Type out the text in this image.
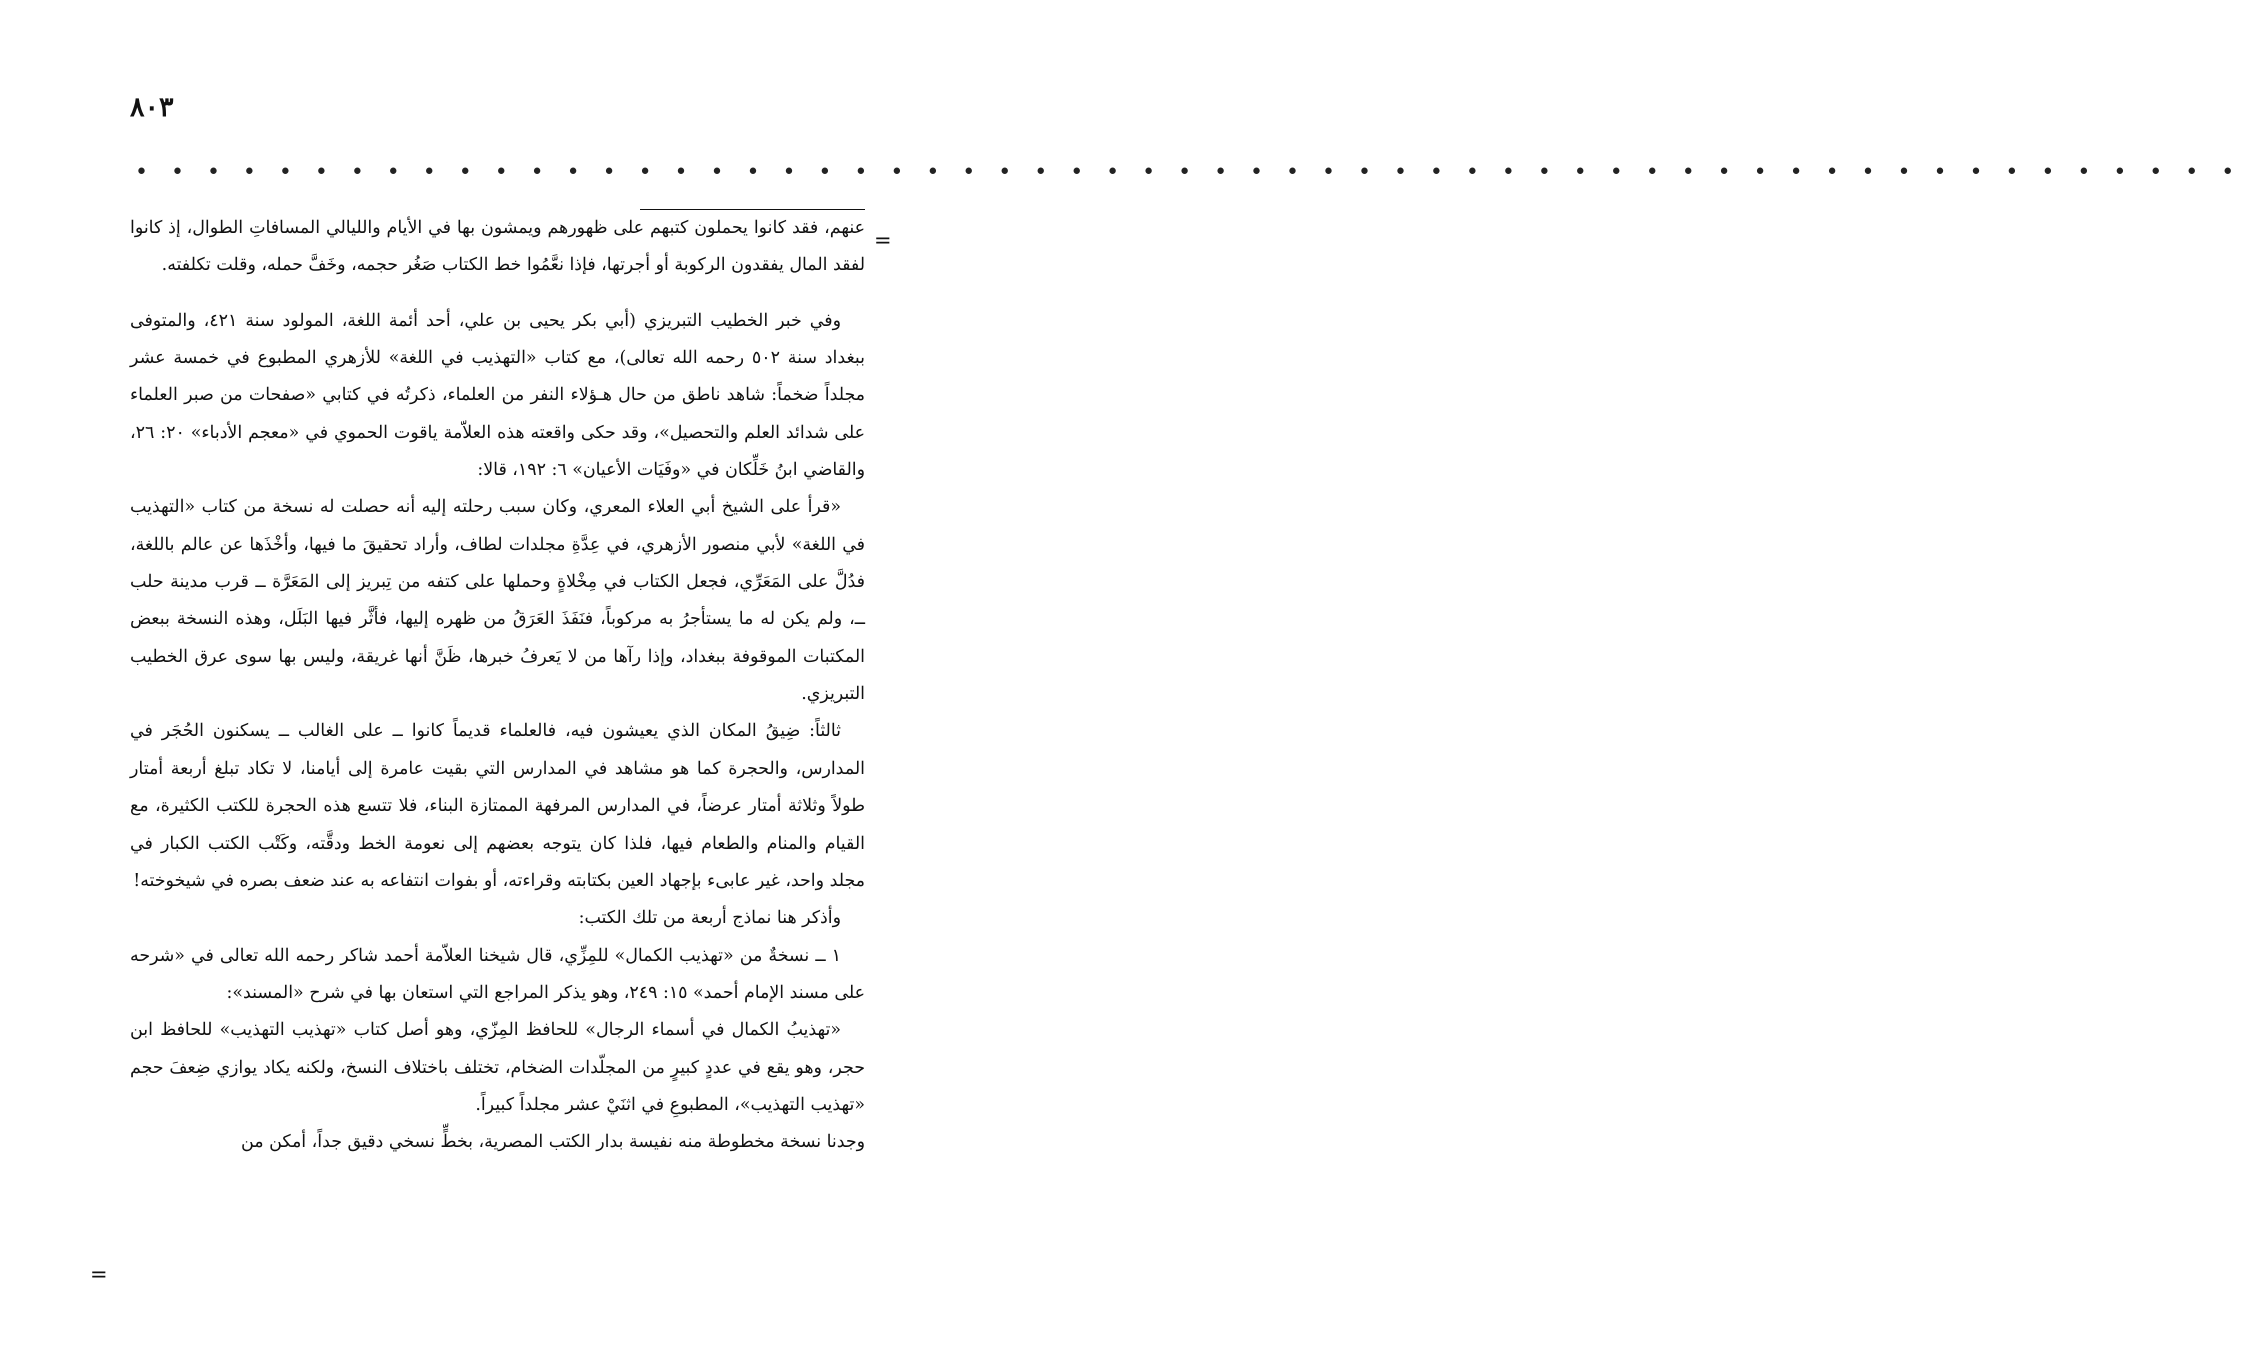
٨٠٣
• • • • • • • • • • • • • • • • • • • • • • • • • • • • • • • • • • • • • • • • • • • • • • • • • • • • • • • • • • •
=

عنهم، فقد كانوا يحملون كتبهم على ظهورهم ويمشون بها في الأيام والليالي المسافاتِ الطوال، إذ كانوا لفقد المال يفقدون الركوبة أو أجرتها، فإذا نعَّمُوا خط الكتاب صَغُر حجمه، وخَفَّ حمله، وقلت تكلفته.

وفي خبر الخطيب التبريزي (أبي بكر يحيى بن علي، أحد أئمة اللغة، المولود سنة ٤٢١، والمتوفى ببغداد سنة ٥٠٢ رحمه الله تعالى)، مع كتاب «التهذيب في اللغة» للأزهري المطبوع في خمسة عشر مجلداً ضخماً: شاهد ناطق من حال هـؤلاء النفر من العلماء، ذكرتُه في كتابي «صفحات من صبر العلماء على شدائد العلم والتحصيل»، وقد حكى واقعته هذه العلاّمة ياقوت الحموي في «معجم الأدباء» ٢٠: ٢٦، والقاضي ابنُ خَلِّكان في «وفَيَات الأعيان» ٦: ١٩٢، قالا:

«قرأ على الشيخ أبي العلاء المعري، وكان سبب رحلته إليه أنه حصلت له نسخة من كتاب «التهذيب في اللغة» لأبي منصور الأزهري، في عِدَّةِ مجلدات لطاف، وأراد تحقيقَ ما فيها، وأخْذَها عن عالم باللغة، فدُلَّ على المَعَرِّي، فجعل الكتاب في مِخْلاةٍ وحملها على كتفه من تِبريز إلى المَعَرَّة ــ قرب مدينة حلب ــ، ولم يكن له ما يستأجرُ به مركوباً، فنَفَذَ العَرَقُ من ظهره إليها، فأثَّر فيها البَلَل، وهذه النسخة ببعض المكتبات الموقوفة ببغداد، وإذا رآها من لا يَعرفُ خبرها، ظَنَّ أنها غريقة، وليس بها سوى عرق الخطيب التبريزي.

ثالثاً: ضِيقُ المكان الذي يعيشون فيه، فالعلماء قديماً كانوا ــ على الغالب ــ يسكنون الحُجَر في المدارس، والحجرة كما هو مشاهد في المدارس التي بقيت عامرة إلى أيامنا، لا تكاد تبلغ أربعة أمتار طولاً وثلاثة أمتار عرضاً، في المدارس المرفهة الممتازة البناء، فلا تتسع هذه الحجرة للكتب الكثيرة، مع القيام والمنام والطعام فيها، فلذا كان يتوجه بعضهم إلى نعومة الخط ودقَّته، وكَتْب الكتب الكبار في مجلد واحد، غير عابىء بإجهاد العين بكتابته وقراءته، أو بفوات انتفاعه به عند ضعف بصره في شيخوخته!

وأذكر هنا نماذج أربعة من تلك الكتب:

١ ــ نسخةٌ من «تهذيب الكمال» للمِزِّي، قال شيخنا العلاّمة أحمد شاكر رحمه الله تعالى في «شرحه على مسند الإمام أحمد» ١٥: ٢٤٩، وهو يذكر المراجع التي استعان بها في شرح «المسند»:

«تهذيبُ الكمال في أسماء الرجال» للحافظ المِزّي، وهو أصل كتاب «تهذيب التهذيب» للحافظ ابن حجر، وهو يقع في عددٍ كبيرٍ من المجلّدات الضخام، تختلف باختلاف النسخ، ولكنه يكاد يوازي ضِعفَ حجم «تهذيب التهذيب»، المطبوعِ في اثنَيْ عشر مجلداً كبيراً.

وجدنا نسخة مخطوطة منه نفيسة بدار الكتب المصرية، بخطٍّ نسخي دقيق جداً، أمكن من

=
